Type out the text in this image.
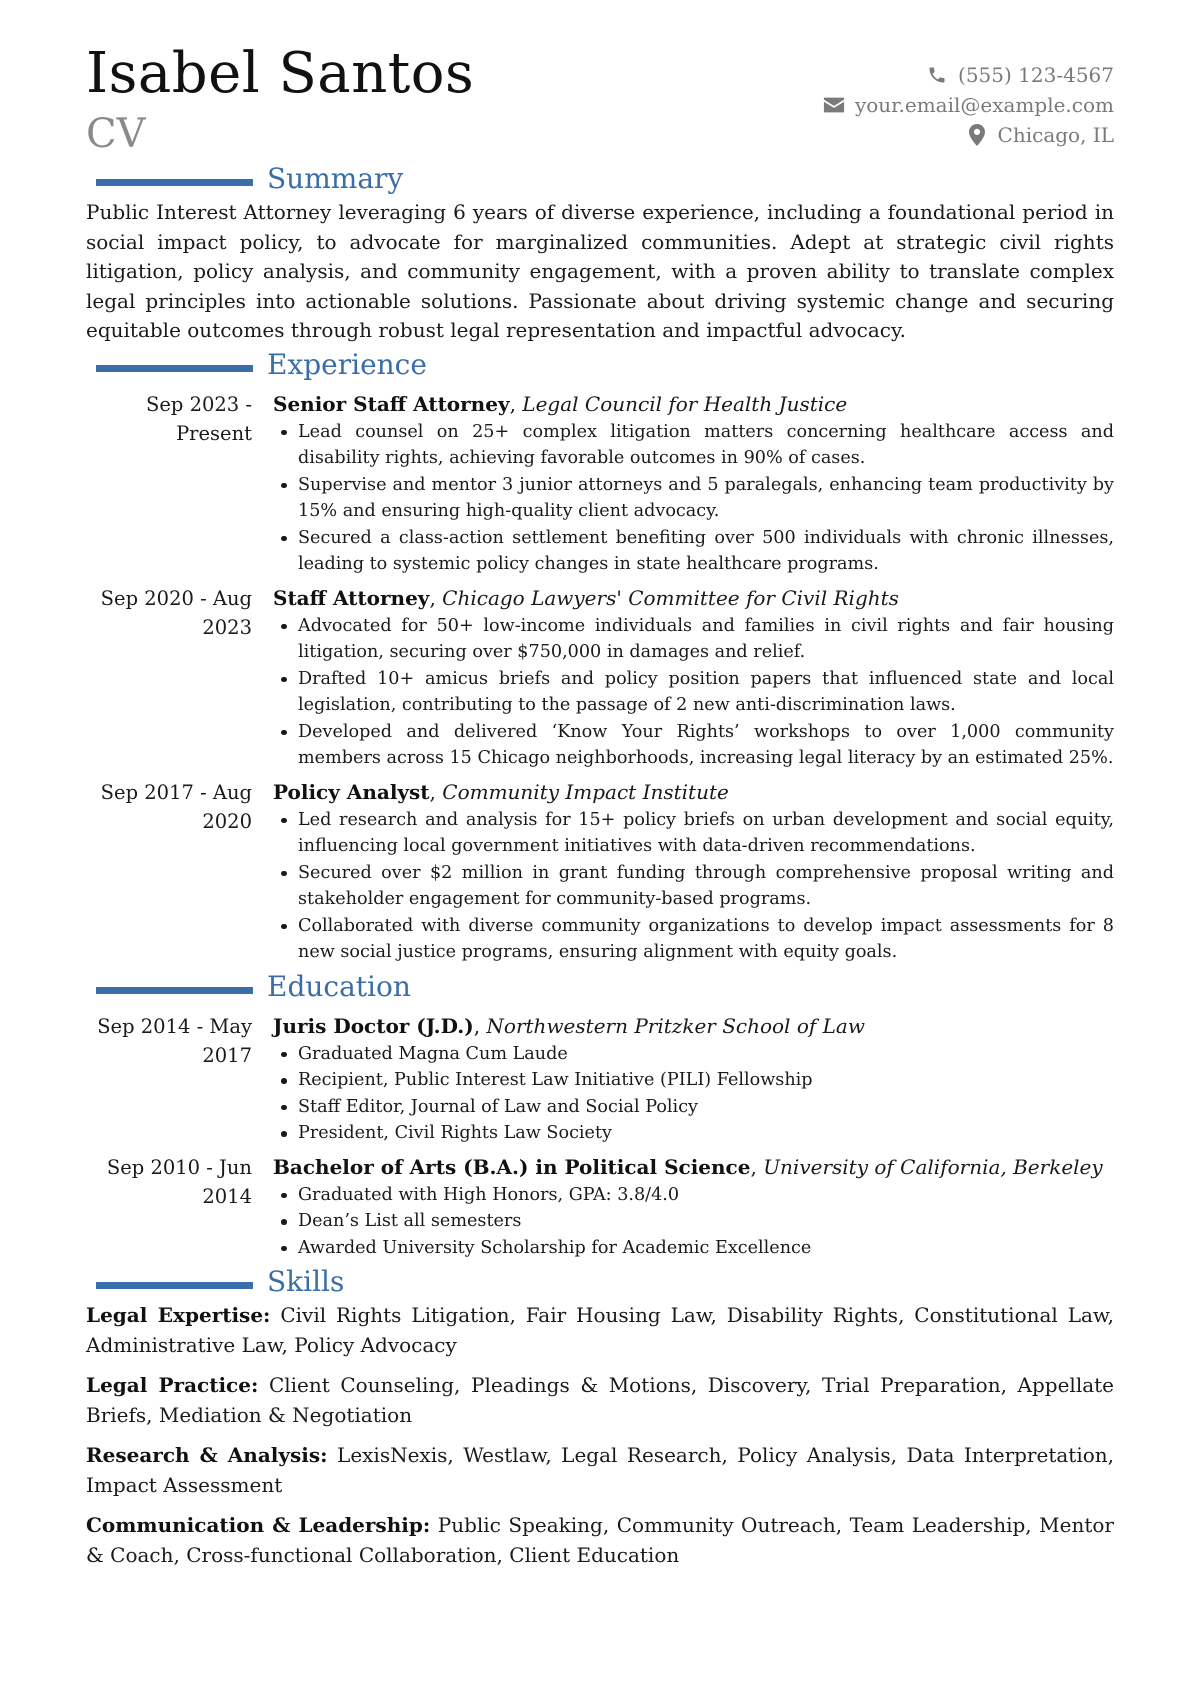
Isabel Santos
CV
(555) 123-4567
your.email@example.com
Chicago, IL
Summary

Public Interest Attorney leveraging 6 years of diverse experience, including a foundational period in social impact policy, to advocate for marginalized communities. Adept at strategic civil rights litigation, policy analysis, and community engagement, with a proven ability to translate complex legal principles into actionable solutions. Passionate about driving systemic change and securing equitable outcomes through robust legal representation and impactful advocacy.

Experience
Sep 2023 - Present
Senior Staff Attorney, Legal Council for Health Justice
Lead counsel on 25+ complex litigation matters concerning healthcare access and disability rights, achieving favorable outcomes in 90% of cases.
Supervise and mentor 3 junior attorneys and 5 paralegals, enhancing team productivity by 15% and ensuring high-quality client advocacy.
Secured a class-action settlement benefiting over 500 individuals with chronic illnesses, leading to systemic policy changes in state healthcare programs.
Sep 2020 - Aug 2023
Staff Attorney, Chicago Lawyers' Committee for Civil Rights
Advocated for 50+ low-income individuals and families in civil rights and fair housing litigation, securing over $750,000 in damages and relief.
Drafted 10+ amicus briefs and policy position papers that influenced state and local legislation, contributing to the passage of 2 new anti-discrimination laws.
Developed and delivered ‘Know Your Rights’ workshops to over 1,000 community members across 15 Chicago neighborhoods, increasing legal literacy by an estimated 25%.
Sep 2017 - Aug 2020
Policy Analyst, Community Impact Institute
Led research and analysis for 15+ policy briefs on urban development and social equity, influencing local government initiatives with data-driven recommendations.
Secured over $2 million in grant funding through comprehensive proposal writing and stakeholder engagement for community-based programs.
Collaborated with diverse community organizations to develop impact assessments for 8 new social justice programs, ensuring alignment with equity goals.
Education
Sep 2014 - May 2017
Juris Doctor (J.D.), Northwestern Pritzker School of Law
Graduated Magna Cum Laude
Recipient, Public Interest Law Initiative (PILI) Fellowship
Staff Editor, Journal of Law and Social Policy
President, Civil Rights Law Society
Sep 2010 - Jun 2014
Bachelor of Arts (B.A.) in Political Science, University of California, Berkeley
Graduated with High Honors, GPA: 3.8/4.0
Dean’s List all semesters
Awarded University Scholarship for Academic Excellence
Skills

Legal Expertise: Civil Rights Litigation, Fair Housing Law, Disability Rights, Constitutional Law, Administrative Law, Policy Advocacy

Legal Practice: Client Counseling, Pleadings & Motions, Discovery, Trial Preparation, Appellate Briefs, Mediation & Negotiation

Research & Analysis: LexisNexis, Westlaw, Legal Research, Policy Analysis, Data Interpretation, Impact Assessment

Communication & Leadership: Public Speaking, Community Outreach, Team Leadership, Mentor & Coach, Cross-functional Collaboration, Client Education
